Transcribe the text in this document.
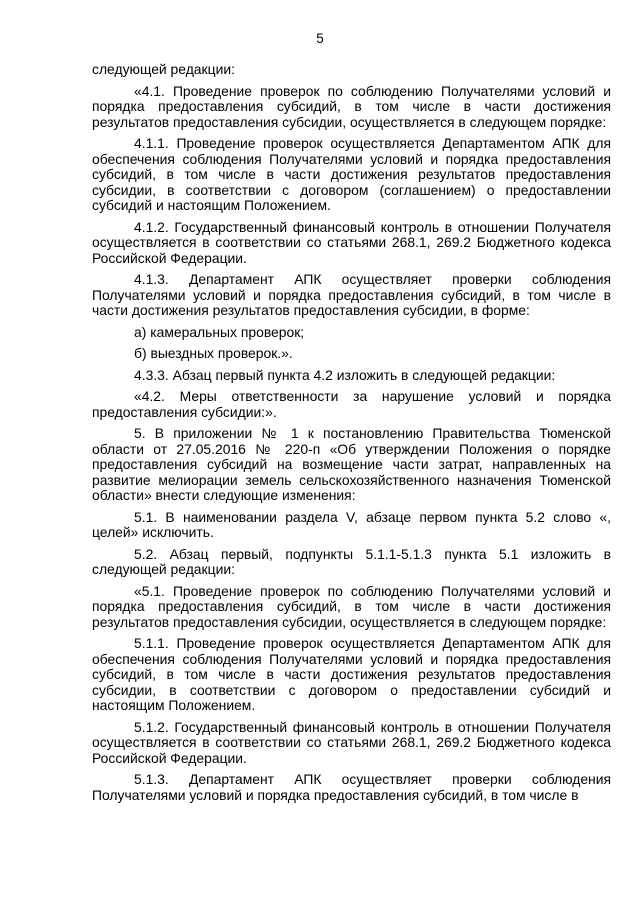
5

следующей редакции:

«4.1. Проведение проверок по соблюдению Получателями условий и порядка предоставления субсидий, в том числе в части достижения результатов предоставления субсидии, осуществляется в следующем порядке:

4.1.1. Проведение проверок осуществляется Департаментом АПК для обеспечения соблюдения Получателями условий и порядка предоставления субсидий, в том числе в части достижения результатов предоставления субсидии, в соответствии с договором (соглашением) о предоставлении субсидий и настоящим Положением.

4.1.2. Государственный финансовый контроль в отношении Получателя осуществляется в соответствии со статьями 268.1, 269.2 Бюджетного кодекса Российской Федерации.

4.1.3. Департамент АПК осуществляет проверки соблюдения Получателями условий и порядка предоставления субсидий, в том числе в части достижения результатов предоставления субсидии, в форме:

а) камеральных проверок;

б) выездных проверок.».

4.3.3. Абзац первый пункта 4.2 изложить в следующей редакции:

«4.2. Меры ответственности за нарушение условий и порядка предоставления субсидии:».

5. В приложении № 1 к постановлению Правительства Тюменской области от 27.05.2016 № 220-п «Об утверждении Положения о порядке предоставления субсидий на возмещение части затрат, направленных на развитие мелиорации земель сельскохозяйственного назначения Тюменской области» внести следующие изменения:

5.1. В наименовании раздела V, абзаце первом пункта 5.2 слово «, целей» исключить.

5.2. Абзац первый, подпункты 5.1.1-5.1.3 пункта 5.1 изложить в следующей редакции:

«5.1. Проведение проверок по соблюдению Получателями условий и порядка предоставления субсидий, в том числе в части достижения результатов предоставления субсидии, осуществляется в следующем порядке:

5.1.1. Проведение проверок осуществляется Департаментом АПК для обеспечения соблюдения Получателями условий и порядка предоставления субсидий, в том числе в части достижения результатов предоставления субсидии, в соответствии с договором о предоставлении субсидий и настоящим Положением.

5.1.2. Государственный финансовый контроль в отношении Получателя осуществляется в соответствии со статьями 268.1, 269.2 Бюджетного кодекса Российской Федерации.

5.1.3. Департамент АПК осуществляет проверки соблюдения Получателями условий и порядка предоставления субсидий, в том числе в
